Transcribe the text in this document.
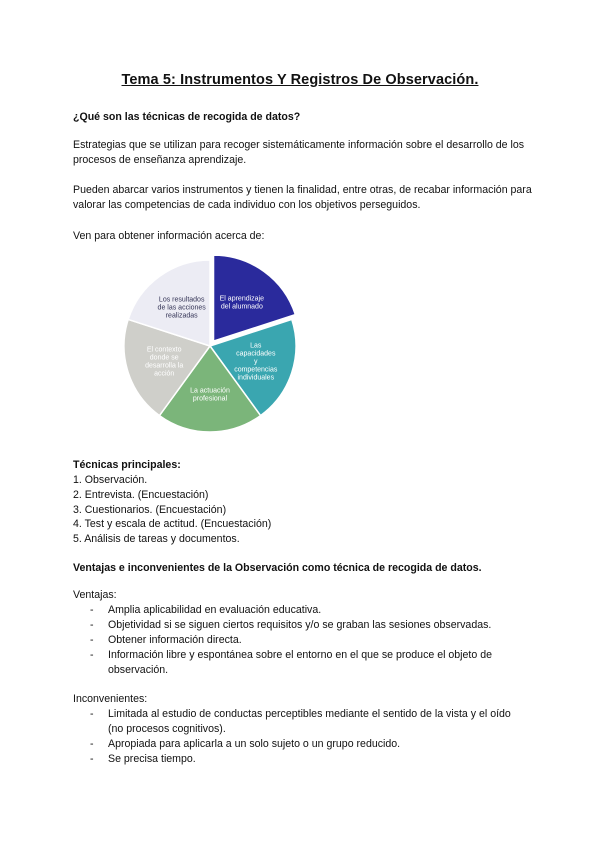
Tema 5: Instrumentos Y Registros De Observación.
¿Qué son las técnicas de recogida de datos?
Estrategias que se utilizan para recoger sistemáticamente información sobre el desarrollo de los procesos de enseñanza aprendizaje.
Pueden abarcar varios instrumentos y tienen la finalidad, entre otras, de recabar información para valorar las competencias de cada individuo con los objetivos perseguidos.
Ven para obtener información acerca de:
El aprendizaje del alumnado
Las capacidades y competencias individuales
La actuación profesional
El contexto donde se desarrolla la acción
Los resultados de las acciones realizadas
Técnicas principales:
1. Observación.
2. Entrevista. (Encuestación)
3. Cuestionarios. (Encuestación)
4. Test y escala de actitud. (Encuestación)
5. Análisis de tareas y documentos.
Ventajas e inconvenientes de la Observación como técnica de recogida de datos.
Ventajas:
- Amplia aplicabilidad en evaluación educativa.
- Objetividad si se siguen ciertos requisitos y/o se graban las sesiones observadas.
- Obtener información directa.
- Información libre y espontánea sobre el entorno en el que se produce el objeto de observación.
Inconvenientes:
- Limitada al estudio de conductas perceptibles mediante el sentido de la vista y el oído (no procesos cognitivos).
- Apropiada para aplicarla a un solo sujeto o un grupo reducido.
- Se precisa tiempo.
